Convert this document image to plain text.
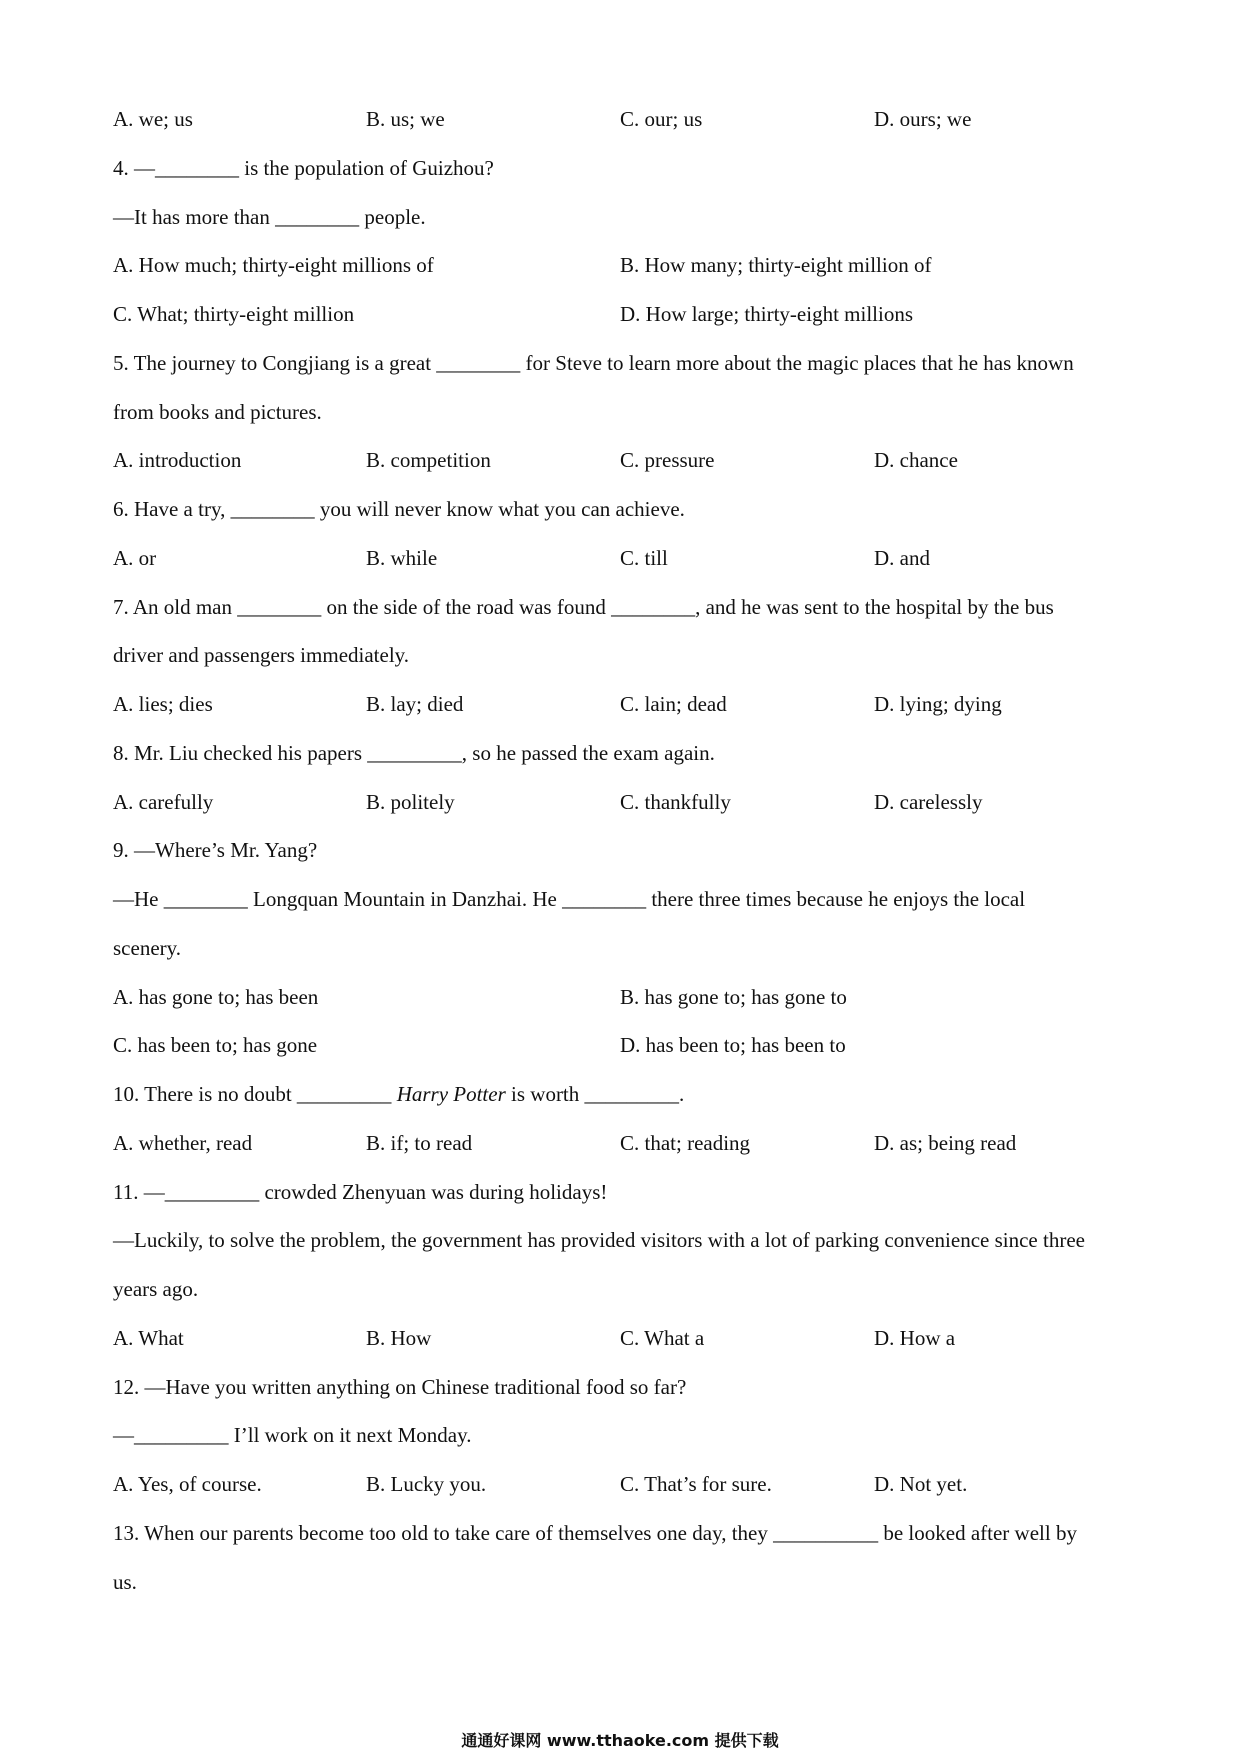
A. we; us	B. us; we	C. our; us	D. ours; we
4. —________ is the population of Guizhou?
—It has more than ________ people.
A. How much; thirty-eight millions of	B. How many; thirty-eight million of
C. What; thirty-eight million	D. How large; thirty-eight millions
5. The journey to Congjiang is a great ________ for Steve to learn more about the magic places that he has known
from books and pictures.
A. introduction	B. competition	C. pressure	D. chance
6. Have a try, ________ you will never know what you can achieve.
A. or	B. while	C. till	D. and
7. An old man ________ on the side of the road was found ________, and he was sent to the hospital by the bus
driver and passengers immediately.
A. lies; dies	B. lay; died	C. lain; dead	D. lying; dying
8. Mr. Liu checked his papers _________, so he passed the exam again.
A. carefully	B. politely	C. thankfully	D. carelessly
9. —Where’s Mr. Yang?
—He ________ Longquan Mountain in Danzhai. He ________ there three times because he enjoys the local
scenery.
A. has gone to; has been	B. has gone to; has gone to
C. has been to; has gone	D. has been to; has been to
10. There is no doubt _________ Harry Potter is worth _________.
A. whether, read	B. if; to read	C. that; reading	D. as; being read
11. —_________ crowded Zhenyuan was during holidays!
—Luckily, to solve the problem, the government has provided visitors with a lot of parking convenience since three
years ago.
A. What	B. How	C. What a	D. How a
12. —Have you written anything on Chinese traditional food so far?
—_________ I’ll work on it next Monday.
A. Yes, of course.	B. Lucky you.	C. That’s for sure.	D. Not yet.
13. When our parents become too old to take care of themselves one day, they __________ be looked after well by
us.
通通好课网 www.tthaoke.com 提供下载
